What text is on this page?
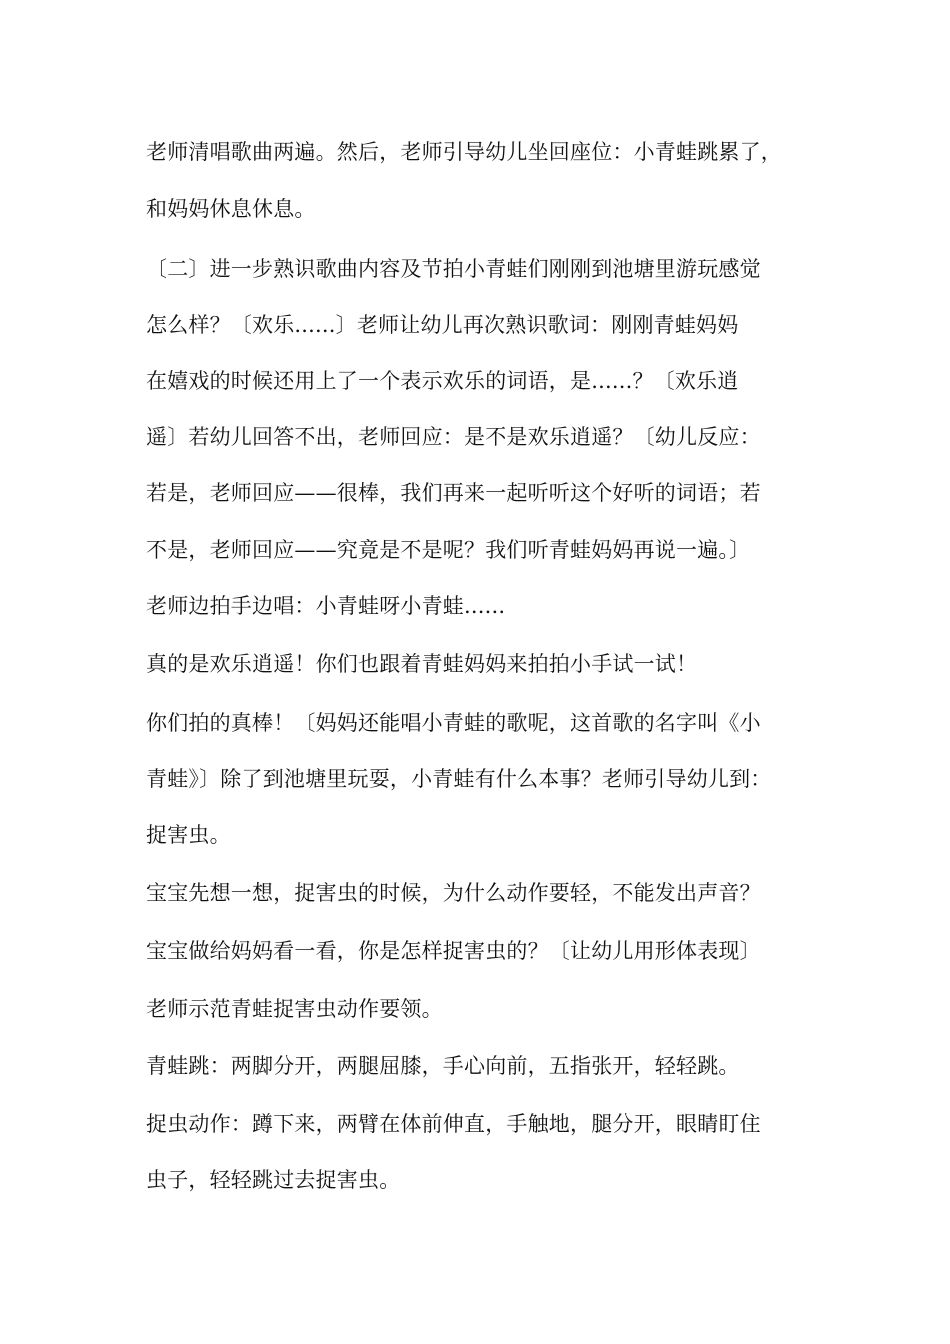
老师清唱歌曲两遍。然后，老师引导幼儿坐回座位：小青蛙跳累了，
和妈妈休息休息。
〔二〕进一步熟识歌曲内容及节拍小青蛙们刚刚到池塘里游玩感觉
怎么样？〔欢乐......〕老师让幼儿再次熟识歌词：刚刚青蛙妈妈
在嬉戏的时候还用上了一个表示欢乐的词语，是......？〔欢乐逍
遥〕若幼儿回答不出，老师回应：是不是欢乐逍遥？〔幼儿反应：
若是，老师回应——很棒，我们再来一起听听这个好听的词语；若
不是，老师回应——究竟是不是呢？我们听青蛙妈妈再说一遍。〕
老师边拍手边唱：小青蛙呀小青蛙......
真的是欢乐逍遥！你们也跟着青蛙妈妈来拍拍小手试一试！
你们拍的真棒！〔妈妈还能唱小青蛙的歌呢，这首歌的名字叫《小
青蛙》〕除了到池塘里玩耍，小青蛙有什么本事？老师引导幼儿到：
捉害虫。
宝宝先想一想，捉害虫的时候，为什么动作要轻，不能发出声音？
宝宝做给妈妈看一看，你是怎样捉害虫的？〔让幼儿用形体表现〕
老师示范青蛙捉害虫动作要领。
青蛙跳：两脚分开，两腿屈膝，手心向前，五指张开，轻轻跳。
捉虫动作：蹲下来，两臂在体前伸直，手触地，腿分开，眼睛盯住
虫子，轻轻跳过去捉害虫。
